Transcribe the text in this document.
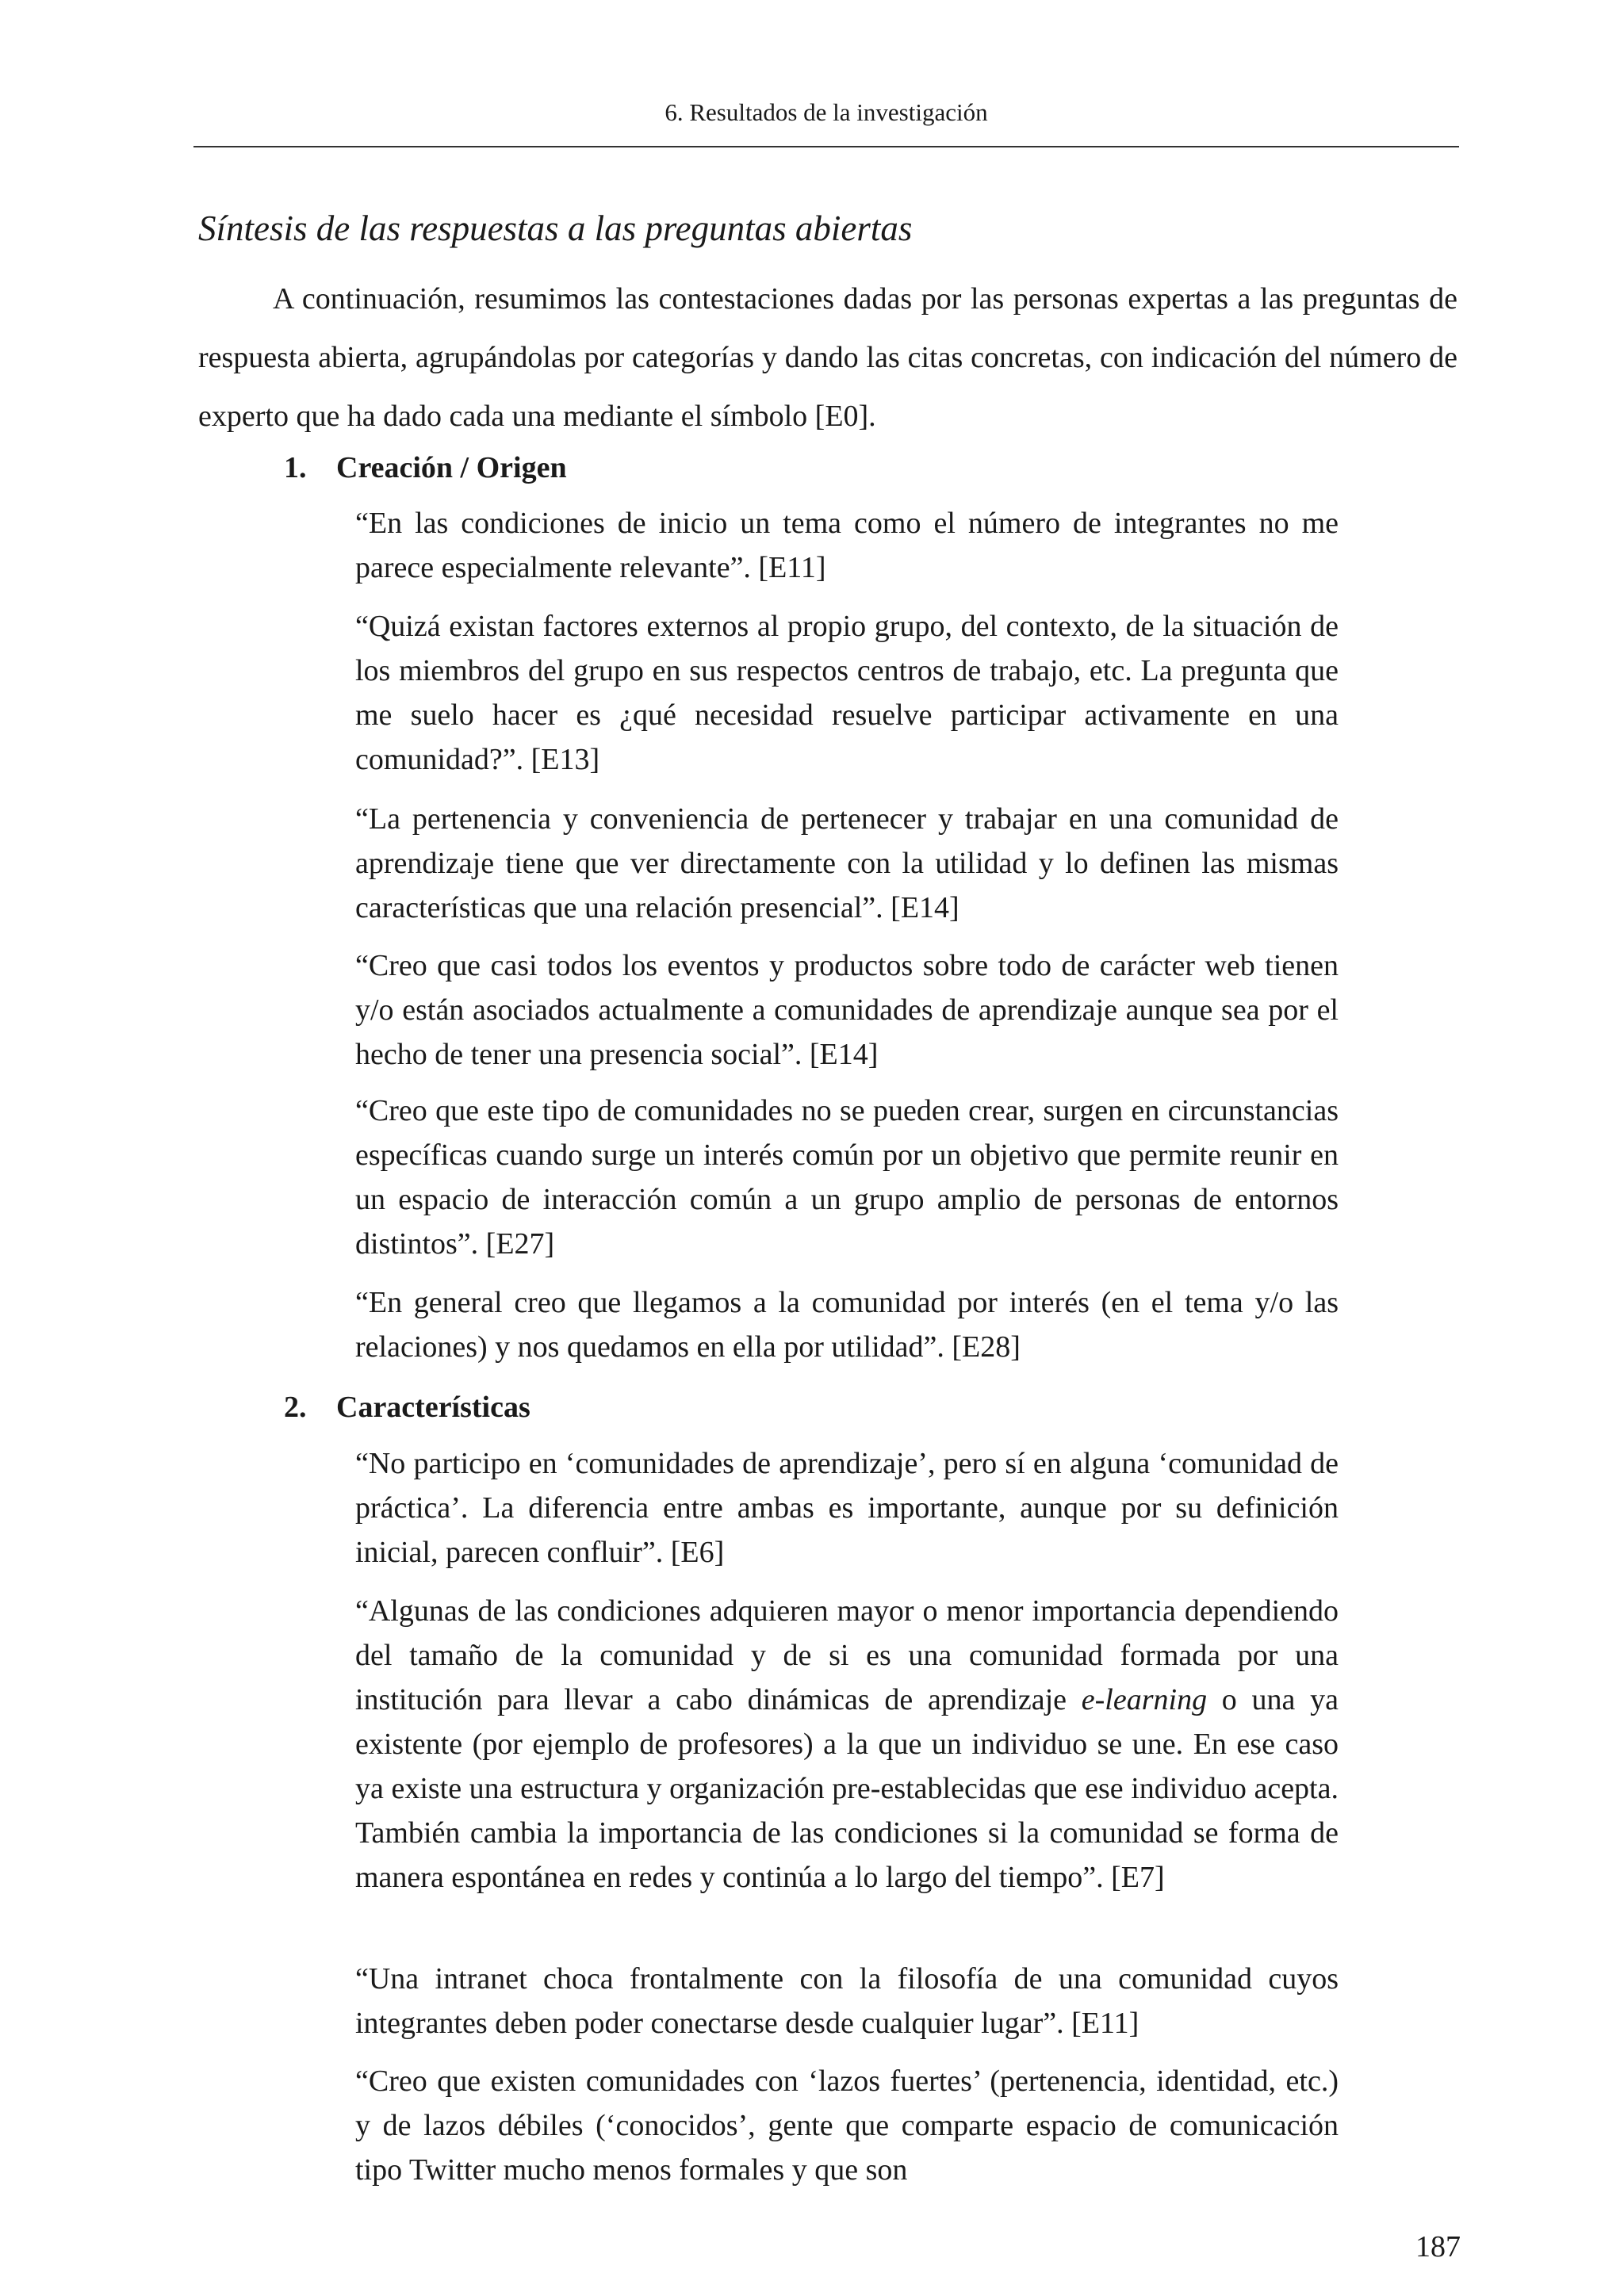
6. Resultados de la investigación
Síntesis de las respuestas a las preguntas abiertas

A continuación, resumimos las contestaciones dadas por las personas expertas a las preguntas de respuesta abierta, agrupándolas por categorías y dando las citas concretas, con indicación del número de experto que ha dado cada una mediante el símbolo [E0].

1. Creación / Origen

“En las condiciones de inicio un tema como el número de integrantes no me parece especialmente relevante”. [E11]

“Quizá existan factores externos al propio grupo, del contexto, de la situación de los miembros del grupo en sus respectos centros de trabajo, etc. La pregunta que me suelo hacer es ¿qué necesidad resuelve participar activamente en una comunidad?”. [E13]

“La pertenencia y conveniencia de pertenecer y trabajar en una comunidad de aprendizaje tiene que ver directamente con la utilidad y lo definen las mismas características que una relación presencial”. [E14]

“Creo que casi todos los eventos y productos sobre todo de carácter web tienen y/o están asociados actualmente a comunidades de aprendizaje aunque sea por el hecho de tener una presencia social”. [E14]

“Creo que este tipo de comunidades no se pueden crear, surgen en circunstancias específicas cuando surge un interés común por un objetivo que permite reunir en un espacio de interacción común a un grupo amplio de personas de entornos distintos”. [E27]

“En general creo que llegamos a la comunidad por interés (en el tema y/o las relaciones) y nos quedamos en ella por utilidad”. [E28]

2. Características

“No participo en ‘comunidades de aprendizaje’, pero sí en alguna ‘comunidad de práctica’. La diferencia entre ambas es importante, aunque por su definición inicial, parecen confluir”. [E6]

“Algunas de las condiciones adquieren mayor o menor importancia dependiendo del tamaño de la comunidad y de si es una comunidad formada por una institución para llevar a cabo dinámicas de aprendizaje e-learning o una ya existente (por ejemplo de profesores) a la que un individuo se une. En ese caso ya existe una estructura y organización pre-establecidas que ese individuo acepta. También cambia la importancia de las condiciones si la comunidad se forma de manera espontánea en redes y continúa a lo largo del tiempo”. [E7]

“Una intranet choca frontalmente con la filosofía de una comunidad cuyos integrantes deben poder conectarse desde cualquier lugar”. [E11]

“Creo que existen comunidades con ‘lazos fuertes’ (pertenencia, identidad, etc.) y de lazos débiles (‘conocidos’, gente que comparte espacio de comunicación tipo Twitter mucho menos formales y que son

187
